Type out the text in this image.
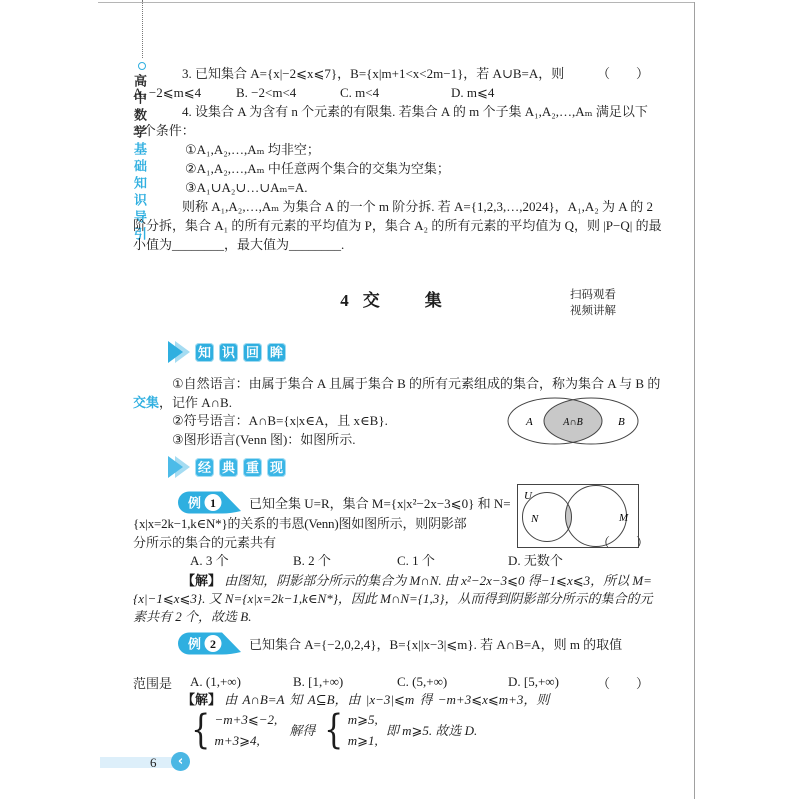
高中数学基础知识导引

3. 已知集合 A={x|−2⩽x⩽7}，B={x|m+1<x<2m−1}，若 A∪B=A，则	（　　）

A. −2⩽m⩽4	B. −2<m<4	C. m<4	D. m⩽4

4. 设集合 A 为含有 n 个元素的有限集. 若集合 A 的 m 个子集 A₁,A₂,…,Aₘ 满足以下

3 个条件：

①A₁,A₂,…,Aₘ 均非空；

②A₁,A₂,…,Aₘ 中任意两个集合的交集为空集；

③A₁∪A₂∪…∪Aₘ=A.

则称 A₁,A₂,…,Aₘ 为集合 A 的一个 m 阶分拆. 若 A={1,2,3,…,2024}，A₁,A₂ 为 A 的 2 阶分拆，集合 A₁ 的所有元素的平均值为 P，集合 A₂ 的所有元素的平均值为 Q，则 |P−Q| 的最小值为________，最大值为________.

4 交　集	扫码观看
视频讲解
知 识 回 眸
①自然语言：由属于集合 A 且属于集合 B 的所有元素组成的集合，称为集合 A 与 B 的
交集，记作 A∩B.
②符号语言：A∩B={x|x∈A，且 x∈B}.
③图形语言(Venn 图)：如图所示.
A	A∩B	B
经 典 重 现
例 1	已知全集 U=R，集合 M={x|x²−2x−3⩽0} 和 N=
{x|x=2k−1,k∈N*}的关系的韦恩(Venn)图如图所示，则阴影部
分所示的集合的元素共有	（　　）
A. 3 个	B. 2 个	C. 1 个	D. 无数个
U
N	M
【解】 由图知，阴影部分所示的集合为 M∩N. 由 x²−2x−3⩽0 得−1⩽x⩽3，所以 M={x|−1⩽x⩽3}. 又 N={x|x=2k−1,k∈N*}，因此 M∩N={1,3}，从而得到阴影部分所示的集合的元素共有 2 个，故选 B.
例 2	已知集合 A={−2,0,2,4}，B={x||x−3|⩽m}. 若 A∩B=A，则 m 的取值
范围是	（　　）
A. (1,+∞)	B. [1,+∞)	C. (5,+∞)	D. [5,+∞)
【解】 由 A∩B=A 知 A⊆B，由 |x−3|⩽m 得 −m+3⩽x⩽m+3，则
{ −m+3⩽−2,
m+3⩾4,
解得 { m⩾5,
m⩾1,
即 m⩾5. 故选 D.
6 ‹
